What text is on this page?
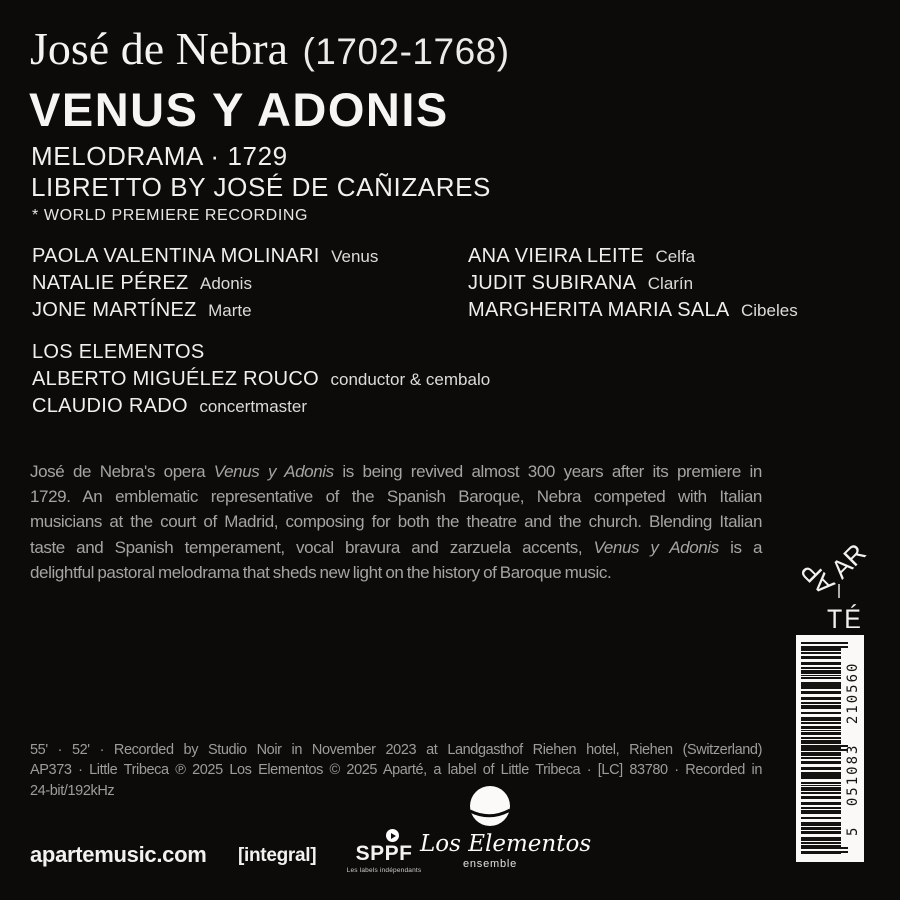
José de Nebra (1702-1768)
VENUS Y ADONIS
MELODRAMA · 1729
LIBRETTO BY JOSÉ DE CAÑIZARES
* WORLD PREMIERE RECORDING
PAOLA VALENTINA MOLINARI Venus
NATALIE PÉREZ Adonis
JONE MARTÍNEZ Marte
ANA VIEIRA LEITE Celfa
JUDIT SUBIRANA Clarín
MARGHERITA MARIA SALA Cibeles
LOS ELEMENTOS
ALBERTO MIGUÉLEZ ROUCO conductor & cembalo
CLAUDIO RADO concertmaster
José de Nebra's opera Venus y Adonis is being revived almost 300 years after its premiere in
1729. An emblematic representative of the Spanish Baroque, Nebra competed with Italian
musicians at the court of Madrid, composing for both the theatre and the church. Blending Italian
taste and Spanish temperament, vocal bravura and zarzuela accents, Venus y Adonis is a
delightful pastoral melodrama that sheds new light on the history of Baroque music.	AP
AR
TÉ
5 051083 210560
55' · 52' · Recorded by Studio Noir in November 2023 at Landgasthof Riehen hotel, Riehen (Switzerland)
AP373 · Little Tribeca ℗ 2025 Los Elementos © 2025 Aparté, a label of Little Tribeca · [LC] 83780 · Recorded in
24-bit/192kHz
apartemusic.com [integral]	SPPF
Les labels indépendants
Los Elementos
ensemble
